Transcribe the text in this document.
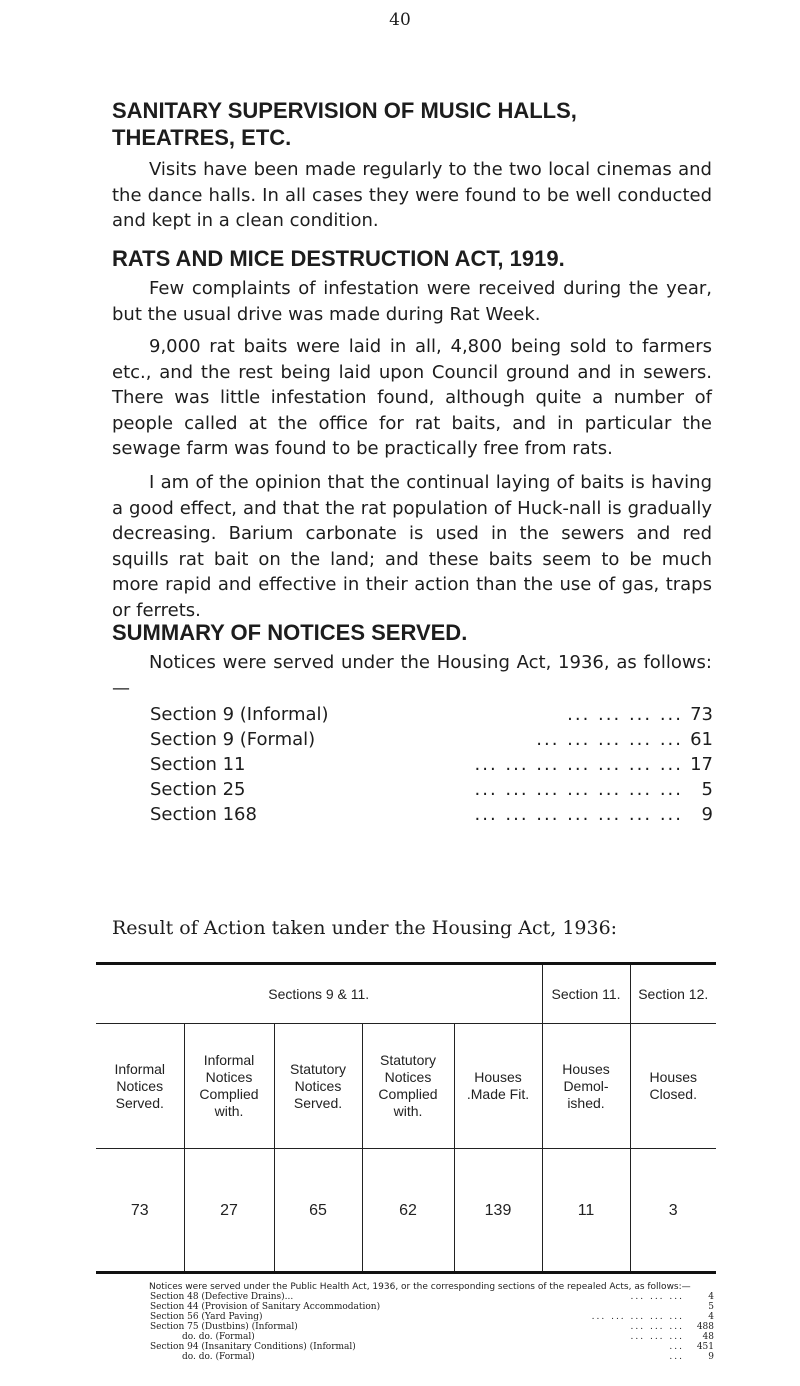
40
SANITARY SUPERVISION OF MUSIC HALLS,
THEATRES, ETC.

Visits have been made regularly to the two local cinemas and the dance halls. In all cases they were found to be well conducted and kept in a clean condition.

RATS AND MICE DESTRUCTION ACT, 1919.

Few complaints of infestation were received during the year, but the usual drive was made during Rat Week.

9,000 rat baits were laid in all, 4,800 being sold to farmers etc., and the rest being laid upon Council ground and in sewers. There was little infestation found, although quite a number of people called at the office for rat baits, and in particular the sewage farm was found to be practically free from rats.

I am of the opinion that the continual laying of baits is having a good effect, and that the rat population of Huck-nall is gradually decreasing. Barium carbonate is used in the sewers and red squills rat bait on the land; and these baits seem to be much more rapid and effective in their action than the use of gas, traps or ferrets.

SUMMARY OF NOTICES SERVED.

Notices were served under the Housing Act, 1936, as follows:—

Section 9 (Informal)	... ... ... ... 73
Section 9 (Formal)	... ... ... ... ... 61
Section 11	... ... ... ... ... ... ... 17
Section 25	... ... ... ... ... ... ...	5
Section 168	... ... ... ... ... ... ...	9
Result of Action taken under the Housing Act, 1936:
Sections 9 & 11.					Section 11.	Section 12.
Informal Notices Served.	Informal Notices Complied with.	Statutory Notices Served.	Statutory Notices Complied with.	Houses .Made Fit.	Houses Demol-ished.	Houses Closed.
73	27	65	62	139	11	3

Notices were served under the Public Health Act, 1936, or the corresponding sections of the repealed Acts, as follows:—

Section 48 (Defective Drains)...	... ... ...	4
Section 44 (Provision of Sanitary Accommodation)	5
Section 56 (Yard Paving)	... ... ... ... ...	4
Section 75 (Dustbins) (Informal)	... ... ...	488
do. do. (Formal)	... ... ...	48
Section 94 (Insanitary Conditions) (Informal)	...	451
do. do. (Formal)	...	9
